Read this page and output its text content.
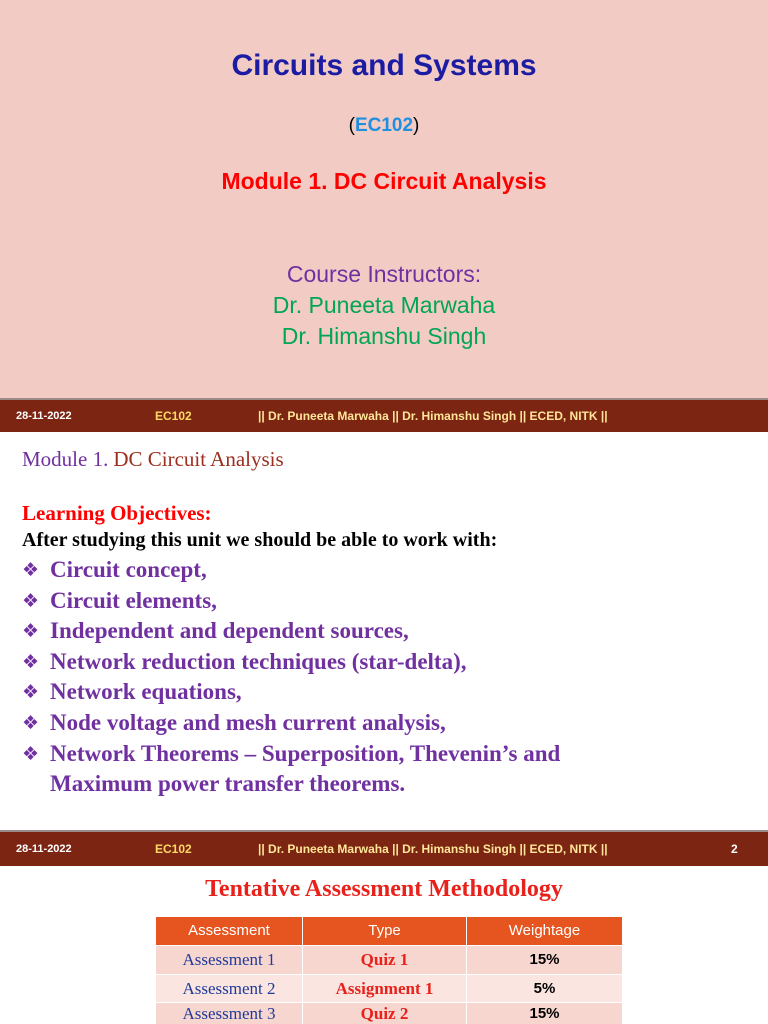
Circuits and Systems
(EC102)
Module 1. DC Circuit Analysis
Course Instructors:
Dr. Puneeta Marwaha
Dr. Himanshu Singh
28-11-2022	EC102	|| Dr. Puneeta Marwaha || Dr. Himanshu Singh || ECED, NITK ||
Module 1. DC Circuit Analysis
Learning Objectives:
After studying this unit we should be able to work with:
❖ Circuit concept,
❖ Circuit elements,
❖ Independent and dependent sources,
❖ Network reduction techniques (star-delta),
❖ Network equations,
❖ Node voltage and mesh current analysis,
❖ Network Theorems – Superposition, Thevenin’s and
Maximum power transfer theorems.
28-11-2022	EC102	|| Dr. Puneeta Marwaha || Dr. Himanshu Singh || ECED, NITK ||	2
Tentative Assessment Methodology
Assessment	Type	Weightage
Assessment 1	Quiz 1	15%
Assessment 2	Assignment 1	5%
Assessment 3	Quiz 2	15%
